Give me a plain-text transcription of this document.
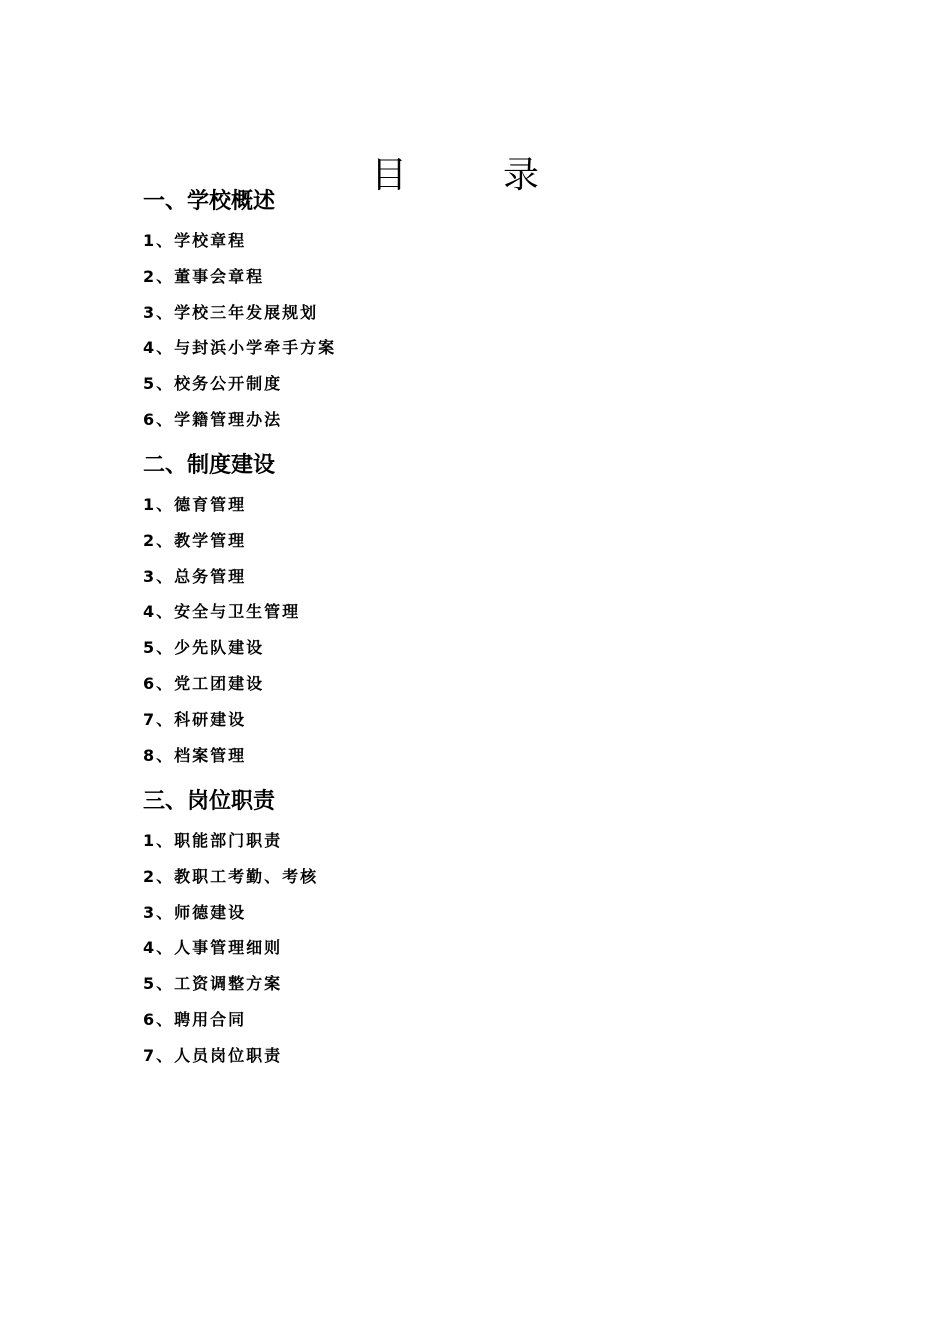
目　录
一、学校概述
1、学校章程
2、董事会章程
3、学校三年发展规划
4、与封浜小学牵手方案
5、校务公开制度
6、学籍管理办法
二、制度建设
1、德育管理
2、教学管理
3、总务管理
4、安全与卫生管理
5、少先队建设
6、党工团建设
7、科研建设
8、档案管理
三、岗位职责
1、职能部门职责
2、教职工考勤、考核
3、师德建设
4、人事管理细则
5、工资调整方案
6、聘用合同
7、人员岗位职责
